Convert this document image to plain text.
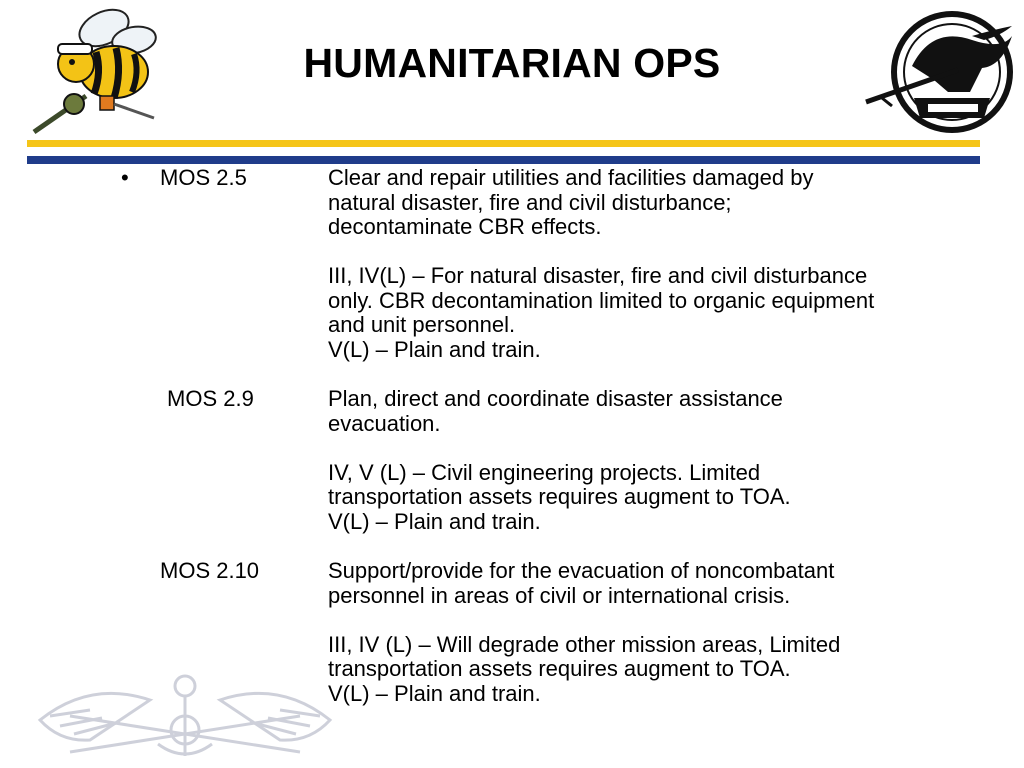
HUMANITARIAN OPS
• MOS 2.5	Clear and repair utilities and facilities damaged by

natural disaster, fire and civil disturbance;

decontaminate CBR effects.

III, IV(L) – For natural disaster, fire and civil disturbance

only. CBR decontamination limited to organic equipment

and unit personnel.

V(L) – Plain and train.

MOS 2.9	Plan, direct and coordinate disaster assistance

evacuation.

IV, V (L) – Civil engineering projects. Limited

transportation assets requires augment to TOA.

V(L) – Plain and train.

MOS 2.10	Support/provide for the evacuation of noncombatant

personnel in areas of civil or international crisis.

III, IV (L) – Will degrade other mission areas, Limited

transportation assets requires augment to TOA.

V(L) – Plain and train.
